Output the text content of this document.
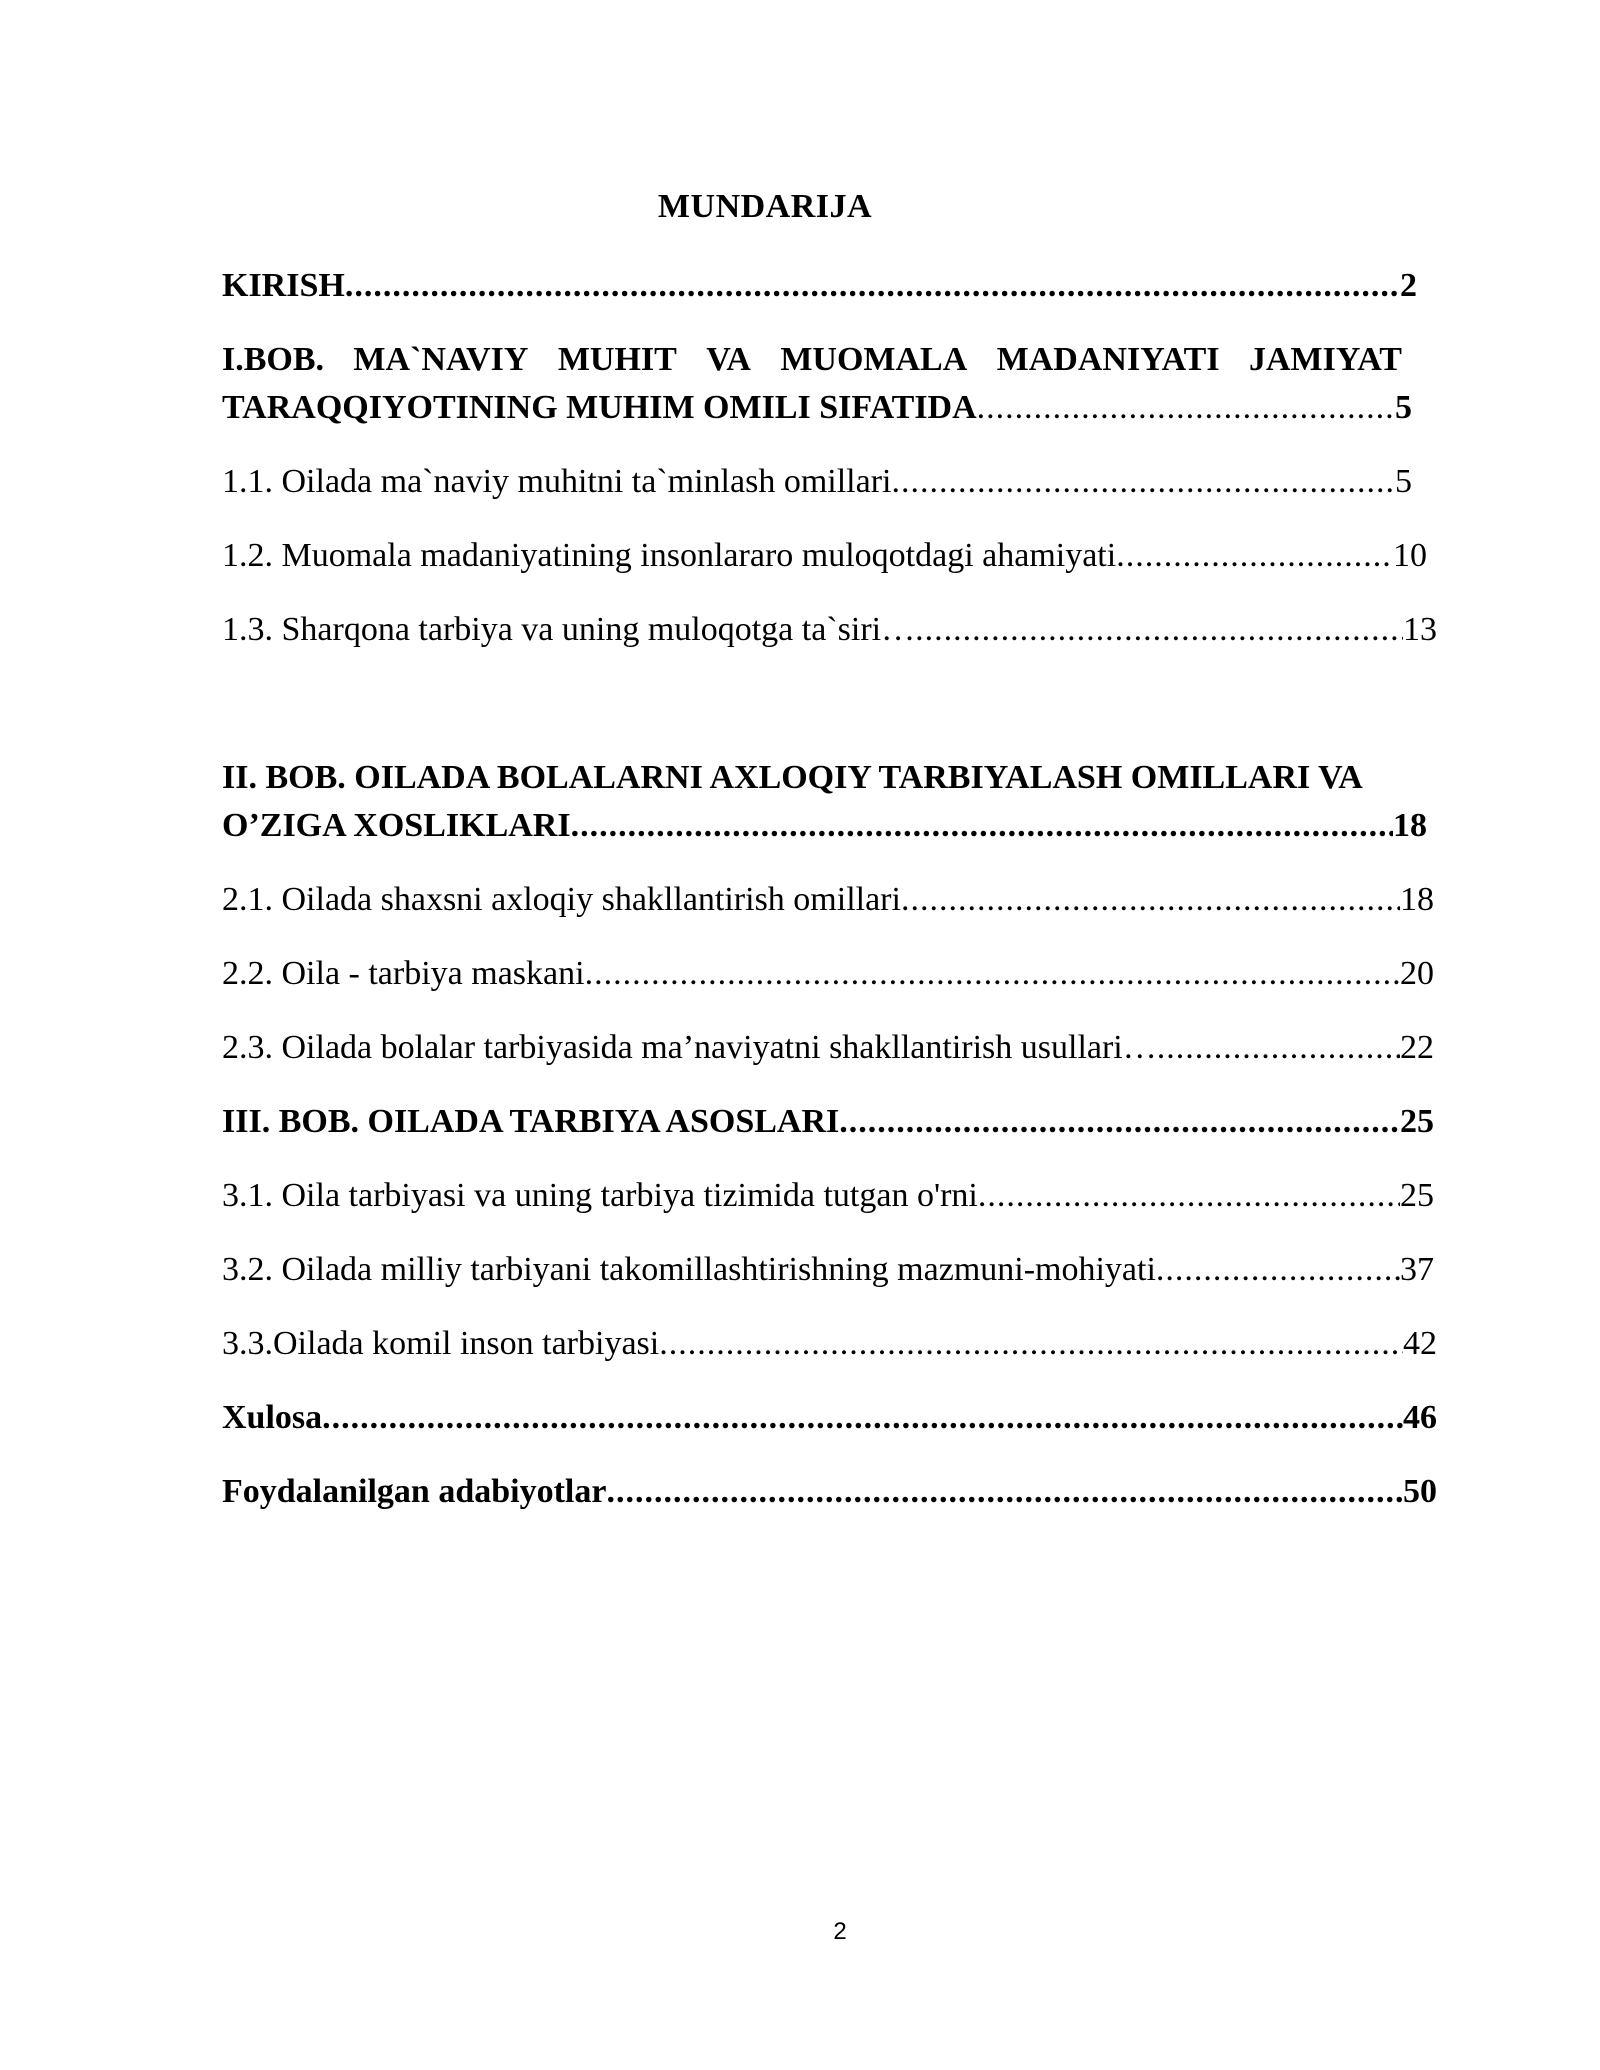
MUNDARIJA
KIRISH .....	2
I.BOB. MA`NAVIY MUHIT VA MUOMALA MADANIYATI JAMIYAT
TARAQQIYOTINING MUHIM OMILI SIFATIDA .....	5
1.1. Oilada ma`naviy muhitni ta`minlash omillari .....	5
1.2. Muomala madaniyatining insonlararo muloqotdagi ahamiyati .....	10
1.3. Sharqona tarbiya va uning muloqotga ta`siri… .....	13
II. BOB. OILADA BOLALARNI AXLOQIY TARBIYALASH OMILLARI VA
O’ZIGA XOSLIKLARI .....	18
2.1. Oilada shaxsni axloqiy shakllantirish omillari .....	18
2.2. Oila - tarbiya maskani .....	20
2.3. Oilada bolalar tarbiyasida ma’naviyatni shakllantirish usullari… .....	22
III. BOB. OILADA TARBIYA ASOSLARI .....	25
3.1. Oila tarbiyasi va uning tarbiya tizimida tutgan o'rni .....	25
3.2. Oilada milliy tarbiyani takomillashtirishning mazmuni-mohiyati .....	37
3.3.Oilada komil inson tarbiyasi .....	42
Xulosa .....	46
Foydalanilgan adabiyotlar .....	50
2
